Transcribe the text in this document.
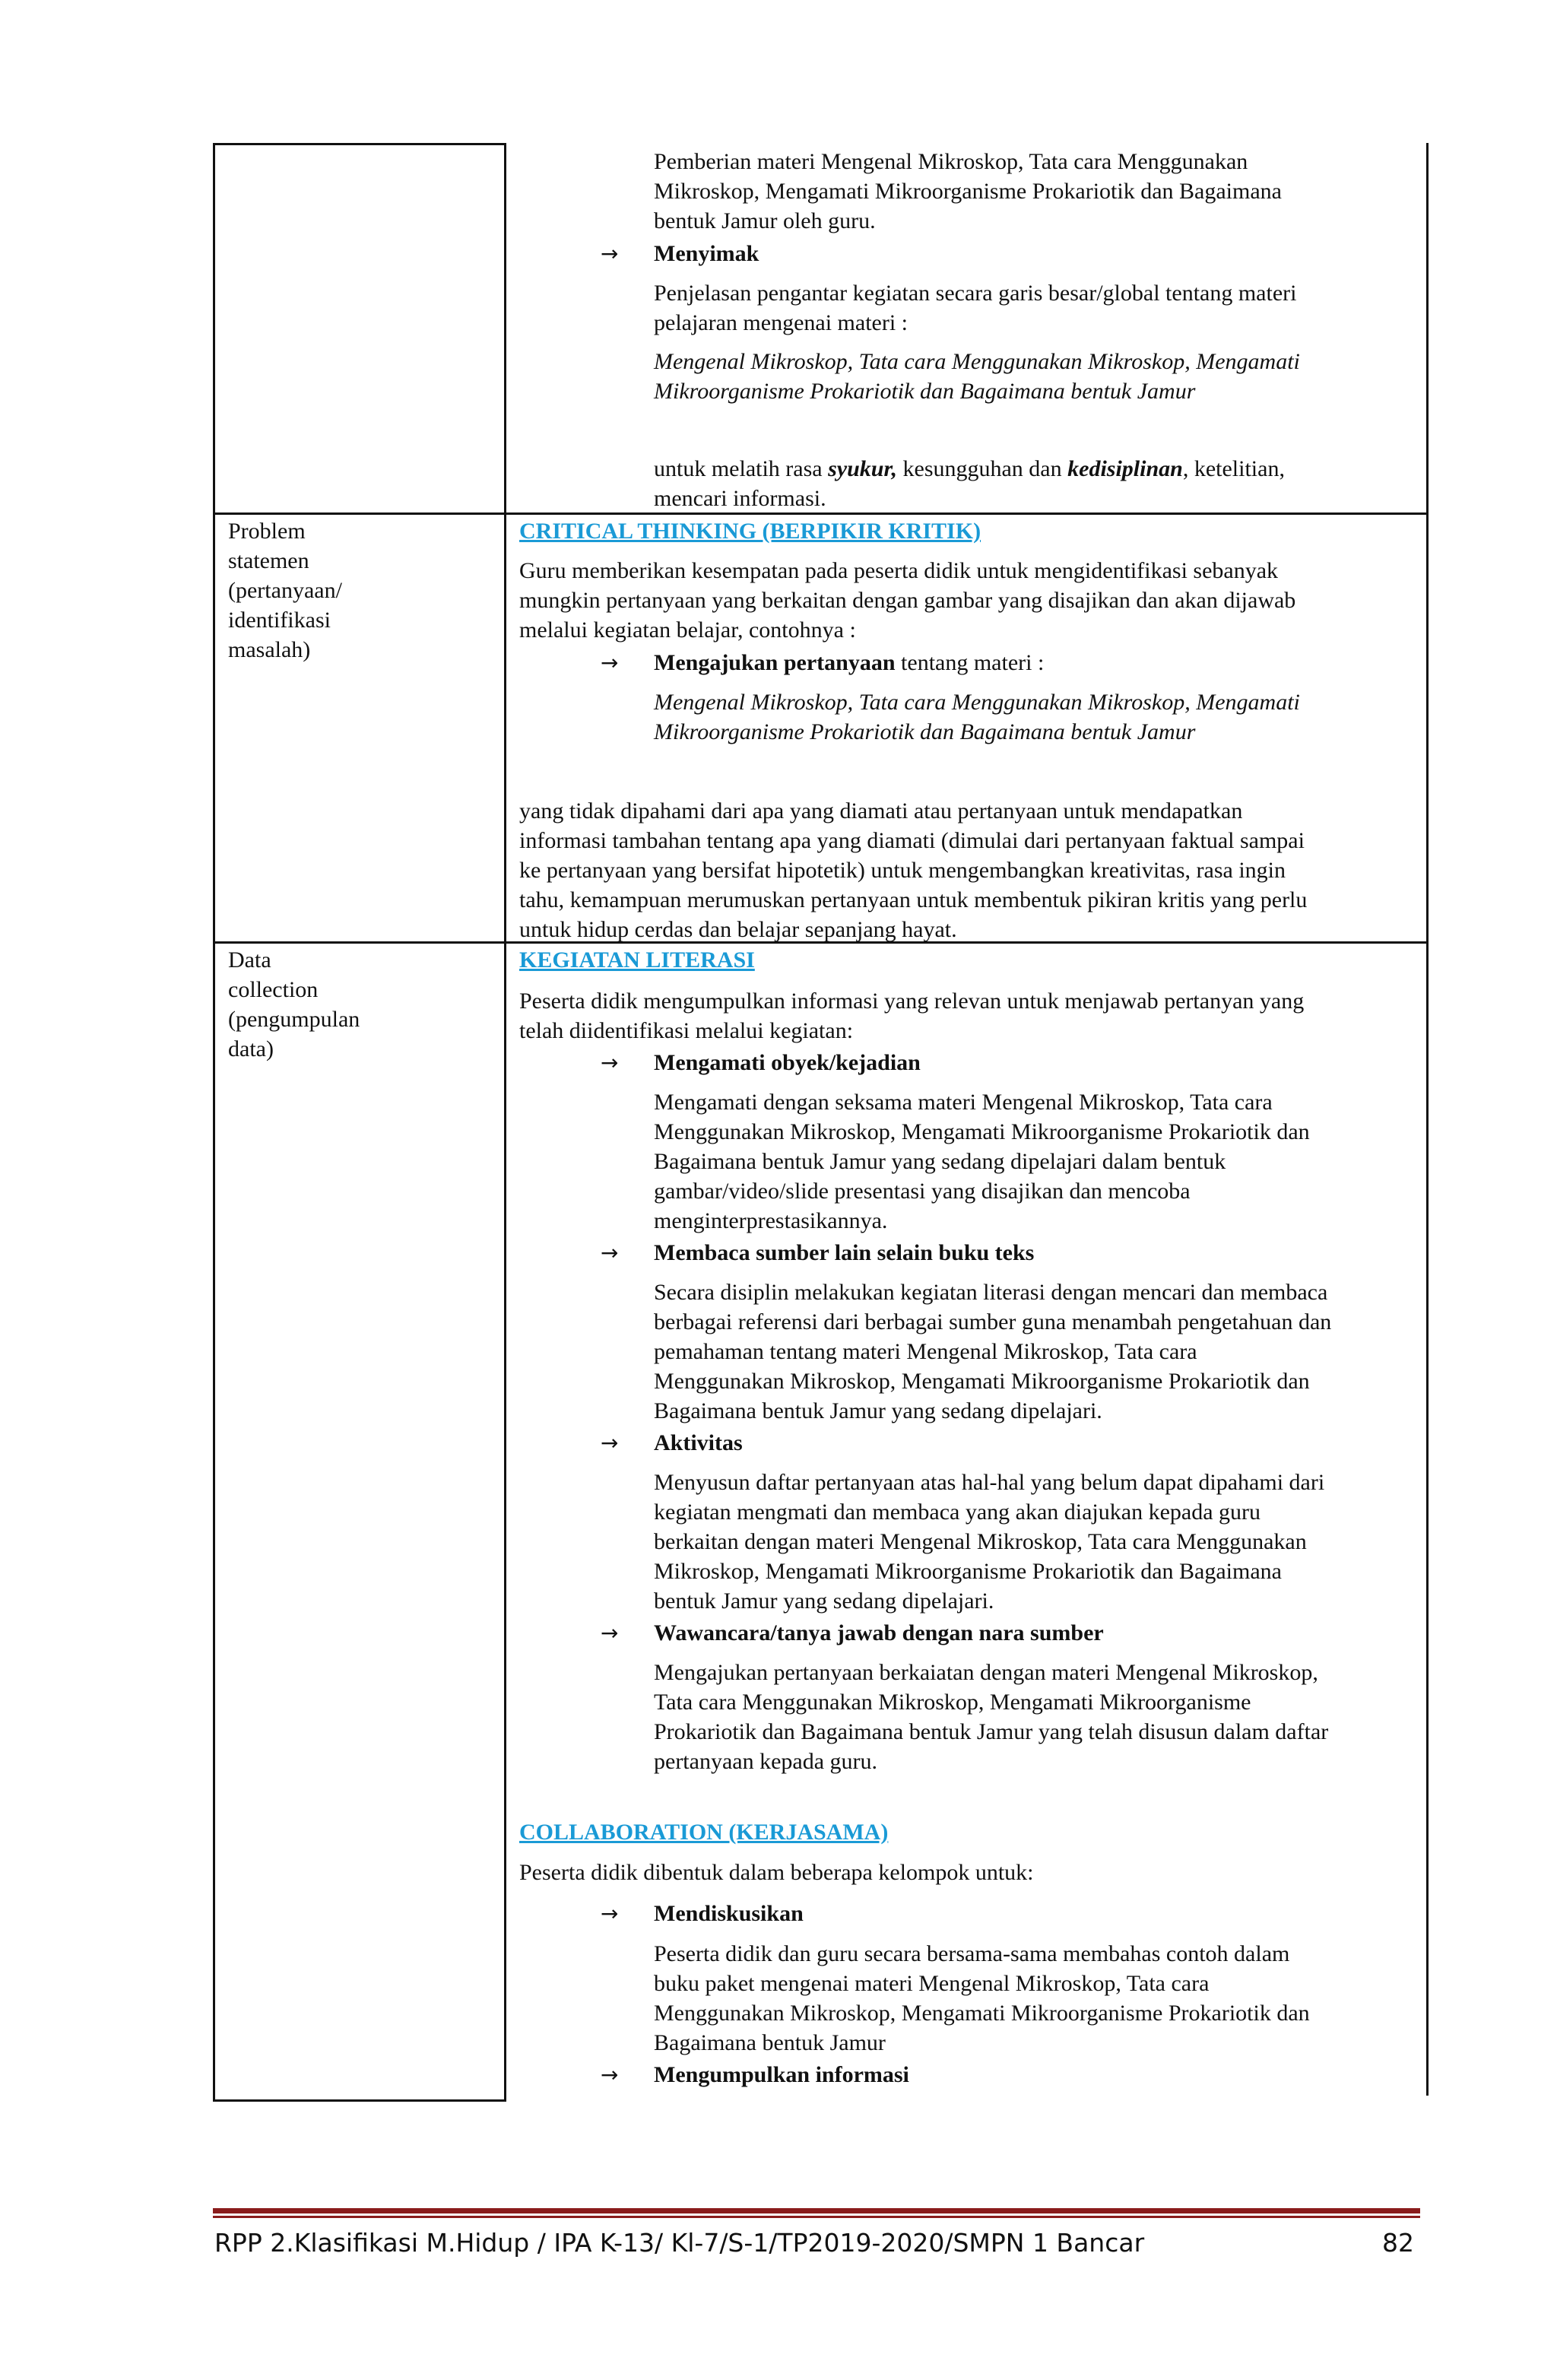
Pemberian materi Mengenal Mikroskop, Tata cara Menggunakan
Mikroskop, Mengamati Mikroorganisme Prokariotik dan Bagaimana
bentuk Jamur oleh guru.
→ Menyimak
Penjelasan pengantar kegiatan secara garis besar/global tentang materi
pelajaran mengenai materi :
Mengenal Mikroskop, Tata cara Menggunakan Mikroskop, Mengamati
Mikroorganisme Prokariotik dan Bagaimana bentuk Jamur
untuk melatih rasa syukur, kesungguhan dan kedisiplinan, ketelitian,
mencari informasi.
Problem
statemen
(pertanyaan/
identifikasi
masalah)
CRITICAL THINKING (BERPIKIR KRITIK)
Guru memberikan kesempatan pada peserta didik untuk mengidentifikasi sebanyak
mungkin pertanyaan yang berkaitan dengan gambar yang disajikan dan akan dijawab
melalui kegiatan belajar, contohnya :
→ Mengajukan pertanyaan tentang materi :
Mengenal Mikroskop, Tata cara Menggunakan Mikroskop, Mengamati
Mikroorganisme Prokariotik dan Bagaimana bentuk Jamur
yang tidak dipahami dari apa yang diamati atau pertanyaan untuk mendapatkan
informasi tambahan tentang apa yang diamati (dimulai dari pertanyaan faktual sampai
ke pertanyaan yang bersifat hipotetik) untuk mengembangkan kreativitas, rasa ingin
tahu, kemampuan merumuskan pertanyaan untuk membentuk pikiran kritis yang perlu
untuk hidup cerdas dan belajar sepanjang hayat.
Data
collection
(pengumpulan
data)
KEGIATAN LITERASI
Peserta didik mengumpulkan informasi yang relevan untuk menjawab pertanyan yang
telah diidentifikasi melalui kegiatan:
→ Mengamati obyek/kejadian
Mengamati dengan seksama materi Mengenal Mikroskop, Tata cara
Menggunakan Mikroskop, Mengamati Mikroorganisme Prokariotik dan
Bagaimana bentuk Jamur yang sedang dipelajari dalam bentuk
gambar/video/slide presentasi yang disajikan dan mencoba
menginterprestasikannya.
→ Membaca sumber lain selain buku teks
Secara disiplin melakukan kegiatan literasi dengan mencari dan membaca
berbagai referensi dari berbagai sumber guna menambah pengetahuan dan
pemahaman tentang materi Mengenal Mikroskop, Tata cara
Menggunakan Mikroskop, Mengamati Mikroorganisme Prokariotik dan
Bagaimana bentuk Jamur yang sedang dipelajari.
→ Aktivitas
Menyusun daftar pertanyaan atas hal-hal yang belum dapat dipahami dari
kegiatan mengmati dan membaca yang akan diajukan kepada guru
berkaitan dengan materi Mengenal Mikroskop, Tata cara Menggunakan
Mikroskop, Mengamati Mikroorganisme Prokariotik dan Bagaimana
bentuk Jamur yang sedang dipelajari.
→ Wawancara/tanya jawab dengan nara sumber
Mengajukan pertanyaan berkaiatan dengan materi Mengenal Mikroskop,
Tata cara Menggunakan Mikroskop, Mengamati Mikroorganisme
Prokariotik dan Bagaimana bentuk Jamur yang telah disusun dalam daftar
pertanyaan kepada guru.
COLLABORATION (KERJASAMA)
Peserta didik dibentuk dalam beberapa kelompok untuk:
→ Mendiskusikan
Peserta didik dan guru secara bersama-sama membahas contoh dalam
buku paket mengenai materi Mengenal Mikroskop, Tata cara
Menggunakan Mikroskop, Mengamati Mikroorganisme Prokariotik dan
Bagaimana bentuk Jamur
→ Mengumpulkan informasi
RPP 2.Klasifikasi M.Hidup / IPA K-13/ Kl-7/S-1/TP2019-2020/SMPN 1 Bancar	82
